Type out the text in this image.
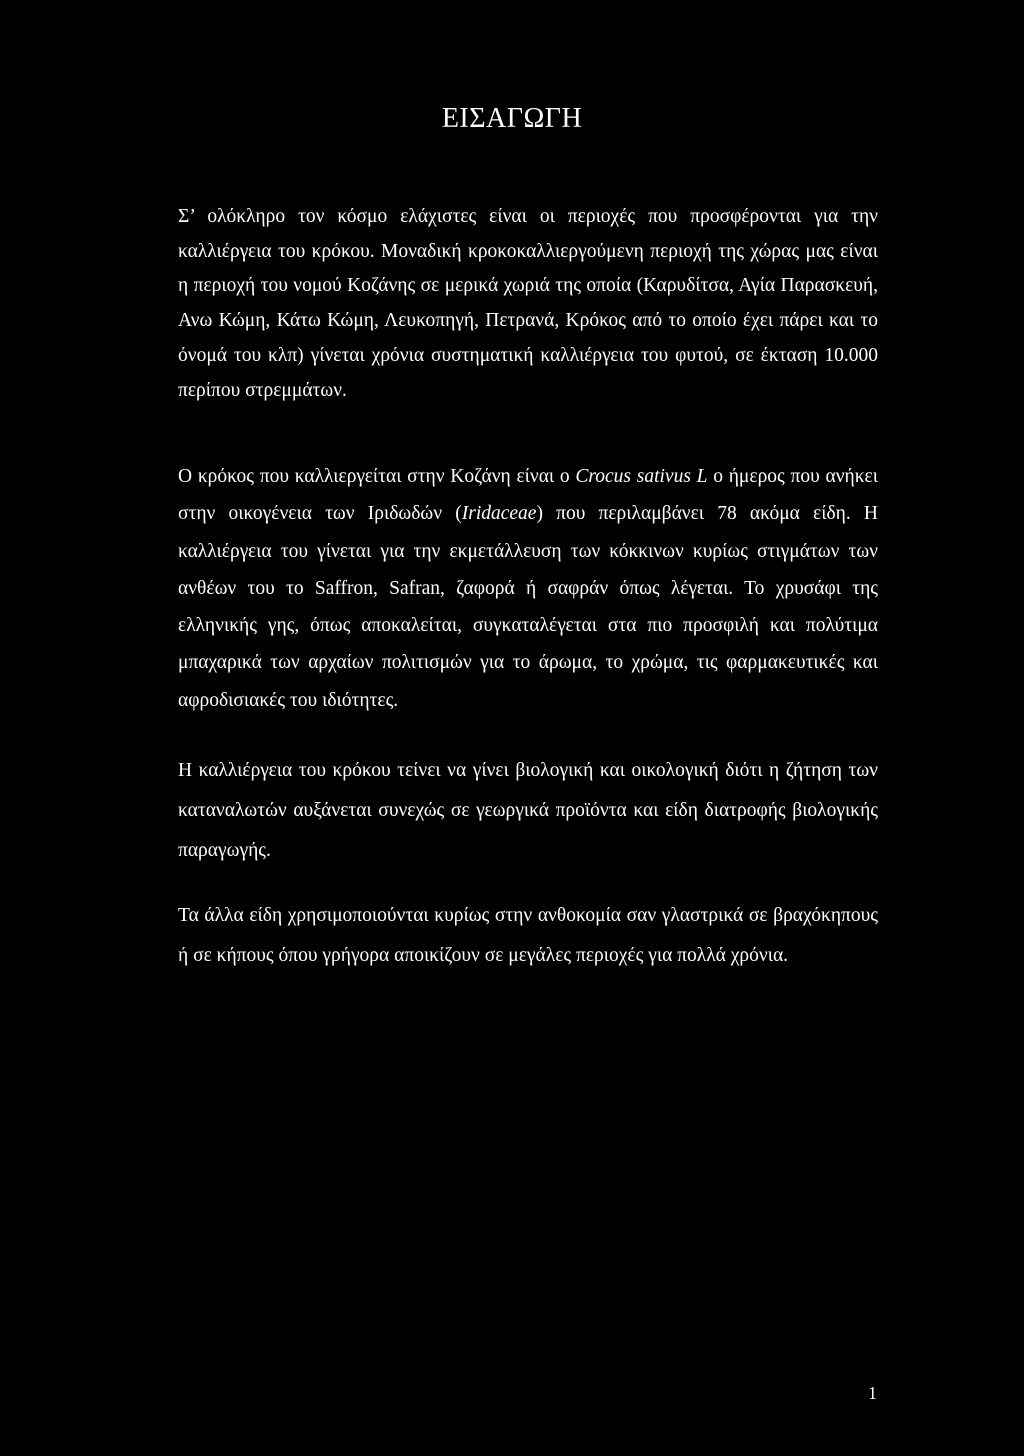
ΕΙΣΑΓΩΓΗ

Σ’ ολόκληρο τον κόσμο ελάχιστες είναι οι περιοχές που προσφέρονται για την καλλιέργεια του κρόκου. Μοναδική κροκοκαλλιεργούμενη περιοχή της χώρας μας είναι η περιοχή του νομού Κοζάνης σε μερικά χωριά της οποία (Καρυδίτσα, Αγία Παρασκευή, Ανω Κώμη, Κάτω Κώμη, Λευκοπηγή, Πετρανά, Κρόκος από το οποίο έχει πάρει και το όνομά του κλπ) γίνεται χρόνια συστηματική καλλιέργεια του φυτού, σε έκταση 10.000 περίπου στρεμμάτων.

Ο κρόκος που καλλιεργείται στην Κοζάνη είναι ο Crocus sativus L ο ήμερος που ανήκει στην οικογένεια των Ιριδωδών (Iridaceae) που περιλαμβάνει 78 ακόμα είδη. Η καλλιέργεια του γίνεται για την εκμετάλλευση των κόκκινων κυρίως στιγμάτων των ανθέων του το Saffron, Safran, ζαφορά ή σαφράν όπως λέγεται. Το χρυσάφι της ελληνικής γης, όπως αποκαλείται, συγκαταλέγεται στα πιο προσφιλή και πολύτιμα μπαχαρικά των αρχαίων πολιτισμών για το άρωμα, το χρώμα, τις φαρμακευτικές και αφροδισιακές του ιδιότητες.

Η καλλιέργεια του κρόκου τείνει να γίνει βιολογική και οικολογική διότι η ζήτηση των καταναλωτών αυξάνεται συνεχώς σε γεωργικά προϊόντα και είδη διατροφής βιολογικής παραγωγής.

Τα άλλα είδη χρησιμοποιούνται κυρίως στην ανθοκομία σαν γλαστρικά σε βραχόκηπους ή σε κήπους όπου γρήγορα αποικίζουν σε μεγάλες περιοχές για πολλά χρόνια.

1
